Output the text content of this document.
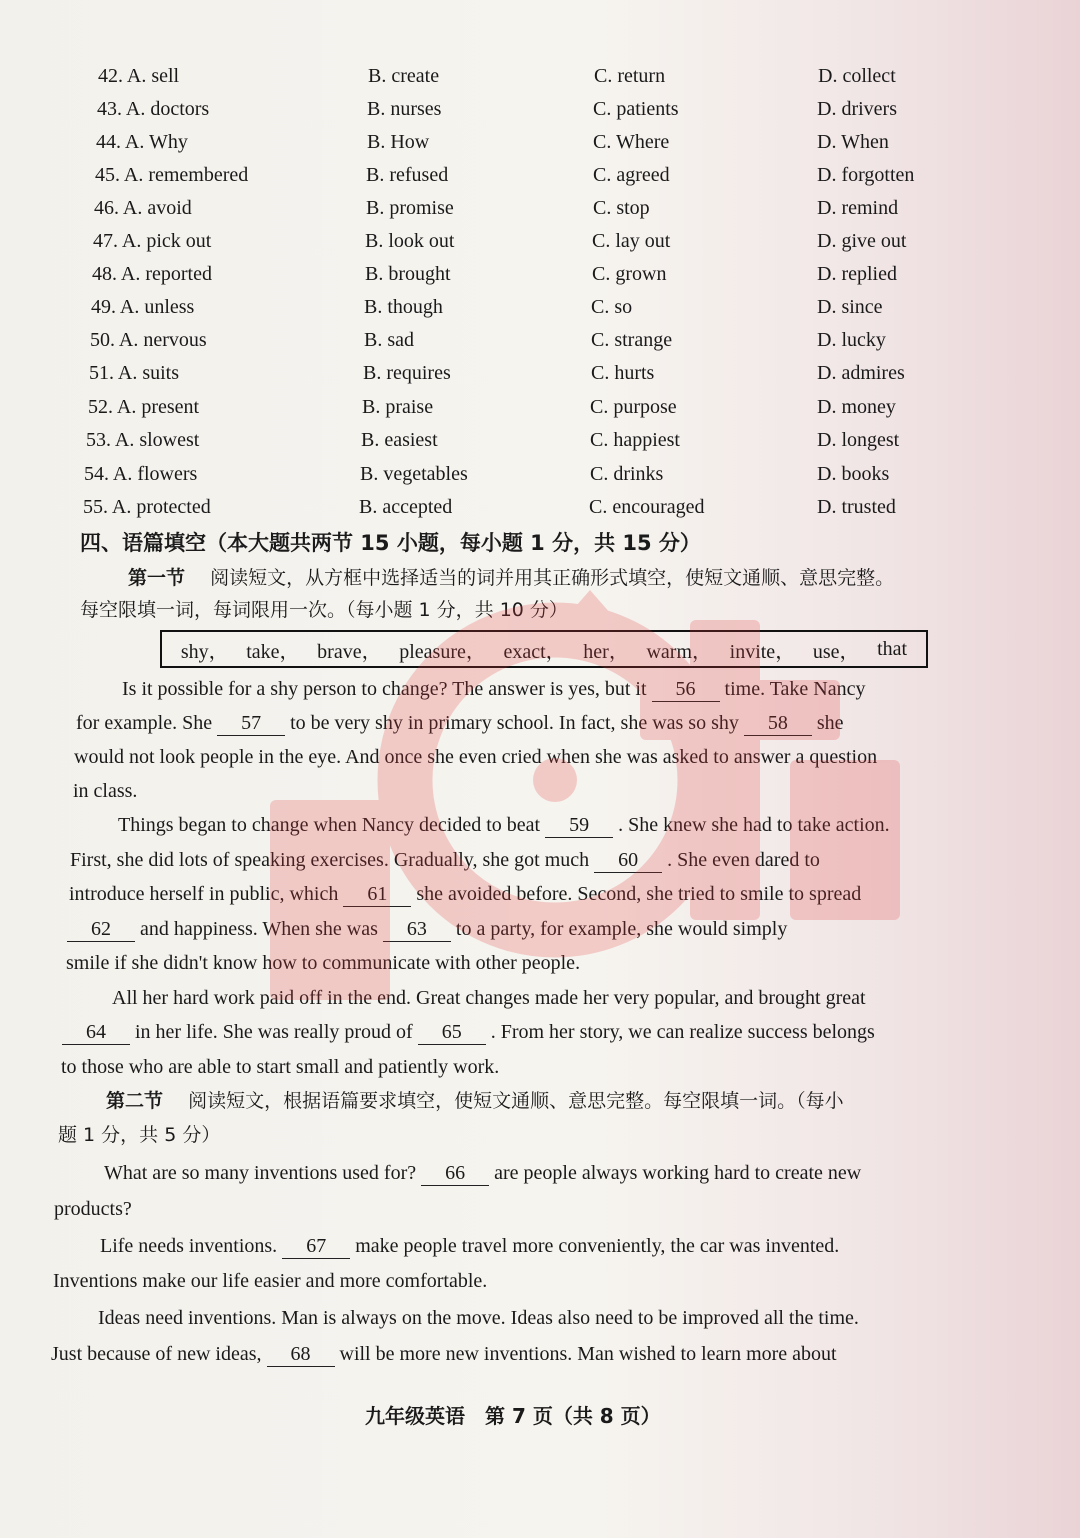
42. A. sell	B. create	C. return	D. collect
43. A. doctors	B. nurses	C. patients	D. drivers
44. A. Why	B. How	C. Where	D. When
45. A. remembered	B. refused	C. agreed	D. forgotten
46. A. avoid	B. promise	C. stop	D. remind
47. A. pick out	B. look out	C. lay out	D. give out
48. A. reported	B. brought	C. grown	D. replied
49. A. unless	B. though	C. so	D. since
50. A. nervous	B. sad	C. strange	D. lucky
51. A. suits	B. requires	C. hurts	D. admires
52. A. present	B. praise	C. purpose	D. money
53. A. slowest	B. easiest	C. happiest	D. longest
54. A. flowers	B. vegetables	C. drinks	D. books
55. A. protected	B. accepted	C. encouraged	D. trusted
四、语篇填空（本大题共两节 15 小题，每小题 1 分，共 15 分）
第一节　 阅读短文，从方框中选择适当的词并用其正确形式填空，使短文通顺、意思完整。
每空限填一词，每词限用一次。（每小题 1 分，共 10 分）
shy， take， brave， pleasure， exact， her， warm， invite， use， that
Is it possible for a shy person to change? The answer is yes, but it 56 time. Take Nancy
for example. She 57 to be very shy in primary school. In fact, she was so shy 58 she
would not look people in the eye. And once she even cried when she was asked to answer a question
in class.
Things began to change when Nancy decided to beat 59 . She knew she had to take action.
First, she did lots of speaking exercises. Gradually, she got much 60 . She even dared to
introduce herself in public, which 61 she avoided before. Second, she tried to smile to spread
62 and happiness. When she was 63 to a party, for example, she would simply
smile if she didn't know how to communicate with other people.
All her hard work paid off in the end. Great changes made her very popular, and brought great
64 in her life. She was really proud of 65 . From her story, we can realize success belongs
to those who are able to start small and patiently work.
第二节　 阅读短文，根据语篇要求填空，使短文通顺、意思完整。每空限填一词。（每小
题 1 分，共 5 分）
What are so many inventions used for? 66 are people always working hard to create new
products?
Life needs inventions. 67 make people travel more conveniently, the car was invented.
Inventions make our life easier and more comfortable.
Ideas need inventions. Man is always on the move. Ideas also need to be improved all the time.
Just because of new ideas, 68 will be more new inventions. Man wished to learn more about
九年级英语　第 7 页（共 8 页）
